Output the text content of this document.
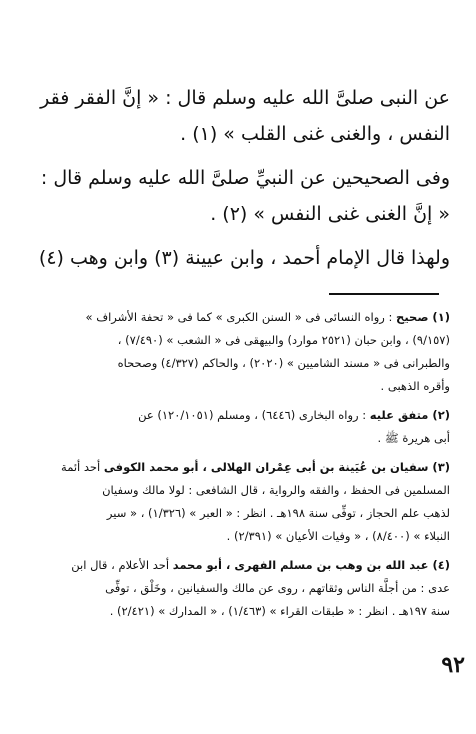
عن النبى صلىَّ الله عليه وسلم قال : « إنَّ الفقر فقر
النفس ، والغنى غنى القلب » (١) .
وفى الصحيحين عن النبيِّ صلىَّ الله عليه وسلم قال :
« إنَّ الغنى غنى النفس » (٢) .
ولهذا قال الإمام أحمد ، وابن عيينة (٣) وابن وهب (٤)
(١) صحيح : رواه النسائى فى « السنن الكبرى » كما فى « تحفة الأشراف »
(٩/١٥٧) ، وابن حبان (٢٥٢١ موارد) والبيهقى فى « الشعب » (٧/٤٩٠) ،
والطبرانى فى « مسند الشاميين » (٢٠٢٠) ، والحاكم (٤/٣٢٧) وصححاه
وأقره الذهبى .
(٢) متفق عليه : رواه البخارى (٦٤٤٦) ، ومسلم (١٢٠/١٠٥١) عن
أبى هريرة ﷺ .
(٣) سفيان بن عُيَينة بن أبى عِمْران الهلالى ، أبو محمد الكوفى أحد أئمة
المسلمين فى الحفظ ، والفقه والرواية ، قال الشافعى : لولا مالك وسفيان
لذهب علم الحجاز ، توفِّى سنة ١٩٨هـ . انظر : « العبر » (١/٣٢٦) ، « سير
النبلاء » (٨/٤٠٠) ، « وفيات الأعيان » (٢/٣٩١) .
(٤) عبد الله بن وهب بن مسلم الفهرى ، أبو محمد أحد الأعلام ، قال ابن
عدى : من أجلَّة الناس وثقاتهم ، روى عن مالك والسفيانين ، وخَلْق ، توفِّى
سنة ١٩٧هـ . انظر : « طبقات القراء » (١/٤٦٣) ، « المدارك » (٢/٤٢١) .
٩٢
